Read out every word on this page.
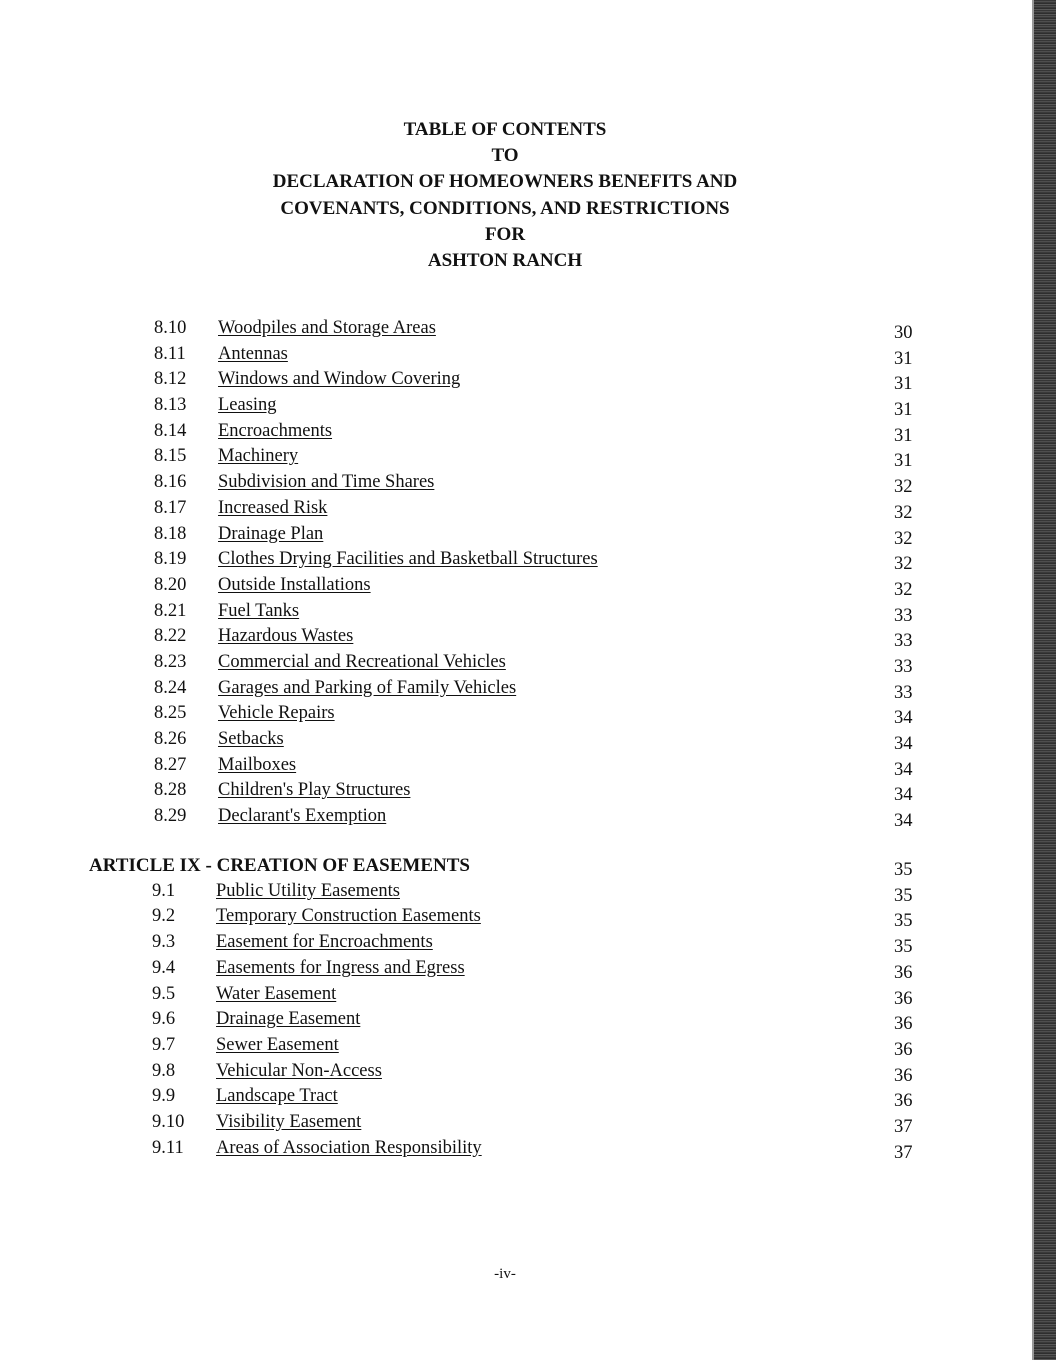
TABLE OF CONTENTS
TO
DECLARATION OF HOMEOWNERS BENEFITS AND
COVENANTS, CONDITIONS, AND RESTRICTIONS
FOR
ASHTON RANCH
8.10 Woodpiles and Storage Areas	30
8.11 Antennas	31
8.12 Windows and Window Covering	31
8.13 Leasing	31
8.14 Encroachments	31
8.15 Machinery	31
8.16 Subdivision and Time Shares	32
8.17 Increased Risk	32
8.18 Drainage Plan	32
8.19 Clothes Drying Facilities and Basketball Structures	32
8.20 Outside Installations	32
8.21 Fuel Tanks	33
8.22 Hazardous Wastes	33
8.23 Commercial and Recreational Vehicles	33
8.24 Garages and Parking of Family Vehicles	33
8.25 Vehicle Repairs	34
8.26 Setbacks	34
8.27 Mailboxes	34
8.28 Children's Play Structures	34
8.29 Declarant's Exemption	34
ARTICLE IX - CREATION OF EASEMENTS	35
9.1 Public Utility Easements	35
9.2 Temporary Construction Easements	35
9.3 Easement for Encroachments	35
9.4 Easements for Ingress and Egress	36
9.5 Water Easement	36
9.6 Drainage Easement	36
9.7 Sewer Easement	36
9.8 Vehicular Non-Access	36
9.9 Landscape Tract	36
9.10 Visibility Easement	37
9.11 Areas of Association Responsibility	37
-iv-
